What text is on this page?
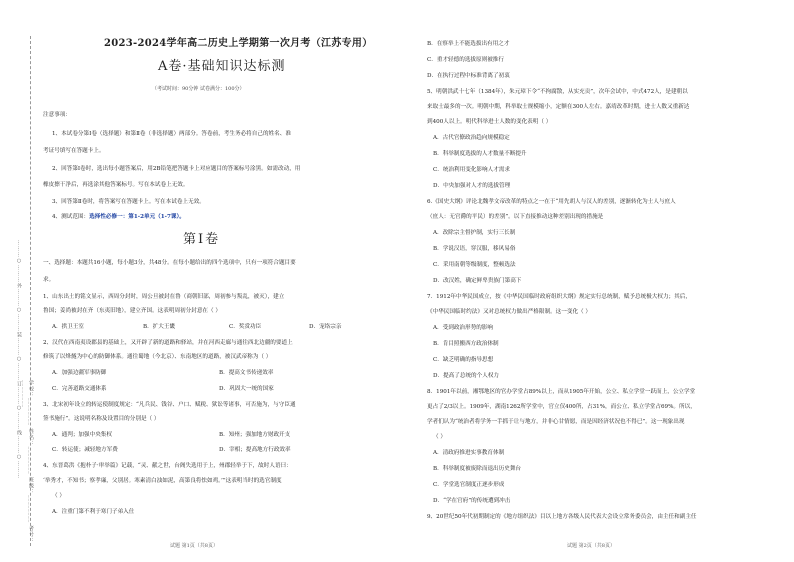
………○………外………○………装………○………订………○………线………○………	学校：________ 姓名：________ 班级：________ 考号：________
2023-2024学年高二历史上学期第一次月考（江苏专用）
A卷·基础知识达标测
（考试时间：90分钟 试卷满分：100分）
注意事项：
1、本试卷分第Ⅰ卷（选择题）和第Ⅱ卷（非选择题）两部分。答卷前，考生务必将自己的姓名、准
考证号填写在答题卡上。
2、回答第Ⅰ卷时，选出每小题答案后，用2B铅笔把答题卡上对应题目的答案标号涂黑。如需改动，用
橡皮擦干净后，再选涂其他答案标号。写在本试卷上无效。
3、回答第Ⅱ卷时，将答案写在答题卡上。写在本试卷上无效。
4、测试范围：选择性必修一：第1-2单元（1-7课）。
第Ⅰ卷
一、选择题：本题共16小题，每小题3分，共48分。在每小题给出的四个选项中，只有一项符合题目要
求。
1、山东出土的铭文显示，西周分封时，周公旦被封在鲁（商朝旧部，周初参与叛乱，被灭），建立
鲁国；姜尚被封在齐（东夷旧地），建立齐国。这表明周初分封意在（ ）
A．拱卫王室	B．扩大王畿	C．奖赏功臣	D．宠络宗亲
2、汉代在西南夷设郡县的基础上，又开辟了新的道路和驿站，并在河西走廊与通往西北边疆的要道上
修筑了以烽燧为中心的防御体系。通往蜀地（今北京）、东南地区的道路，被汉武帝称为（ ）
A．加强边疆军事防御	B．提高文书传递效率
C．完善道路交通体系	D．巩固大一统的国家
3、北宋初年设立的转运使制度规定：“凡兵民、钱谷、户口、赋税、狱讼等诸事，可否施为，与守臣通
签书施行”。这说明名称及设置目的分别是（ ）
A．通判；加强中央集权	B．知州；强加地方财政开支
C．转运使；减轻地方军费	D．宰相；提高地方行政效率
4、东晋葛洪《抱朴子·审举篇》记载，“灵、献之世，台阁失选用于上，州郡轻举于下，故时人语曰：
‘举秀才，不知书；察孝廉，父别居。寒素清白浊如泥，高第良将怯如鸡。’”这表明当时的选官制度
（ ）
A．注重门第不利于寒门子弟入仕
试题 第1页（共8页）
B．在察举上不能选拔出有用之才
C．重才轻德的选拔原则被推行
D．在执行过程中标准背离了初衷
5、明朝洪武十七年（1384年），朱元璋下令“不拘腐散，从实充贡”，次年会试中，中式472人，是建朝以
来取士最多的一次。明朝中期，科举取士规模缩小，定额在300人左右。嘉靖改革时期，进士人数又重新达
到400人以上。明代科举进士人数的变化表明（ ）
A．古代官僚政治趋向规模稳定
B．科举制度选拔的人才数量不断提升
C．统治利用变化影响人才需求
D．中央加强对人才的选拔管理
6.《国史大纲》评论北魏孝文帝改革的特点之一在于“用先胡人与汉人的差别，逐渐转化为士人与庶人
（庶人：无官爵的平民）的差别”。以下直接推动这种差别出现的措施是
A．改除宗主督护制，实行三长制
B．学说汉语，穿汉服，移风易俗
C．采用南朝等级制度，整顿选法
D．改汉姓，确定鲜卑贵族门第高下
7．1912年中华民国成立，按《中华民国临时政府组织大纲》规定实行总统制，赋予总统极大权力；其后，
《中华民国临时约法》又对总统权力做出严格限制。这一变化（ ）
A．受到政治形势的影响
B．肯目照搬西方政治体制
C．缺乏明确的指导思想
D．提高了总统的个人权力
8．1901年以前，湘鄂地区的官办学堂占89%以上，而从1905年开始，公立、私立学堂一跃而上，公立学堂
更占了2/3以上。1909年，湖南1262所学堂中，官立仅400所，占31%，而公立、私立学堂占69%。所以，
学者们认为“统治者将学务一手抓于让与地方，并非心甘情愿，而是因经济状况也不得已”。这一现象出现
（ ）
A．清政府推进实事教育体制
B．科举制度被废除而退出历史舞台
C．学堂选官制度正逐步形成
D．“学在官府”的传统遭到冲击
9、20世纪50年代初期制定的《地方组织法》目以上地方各级人民代表大会设立常务委员会，由主任和副主任
试题 第2页（共8页）
